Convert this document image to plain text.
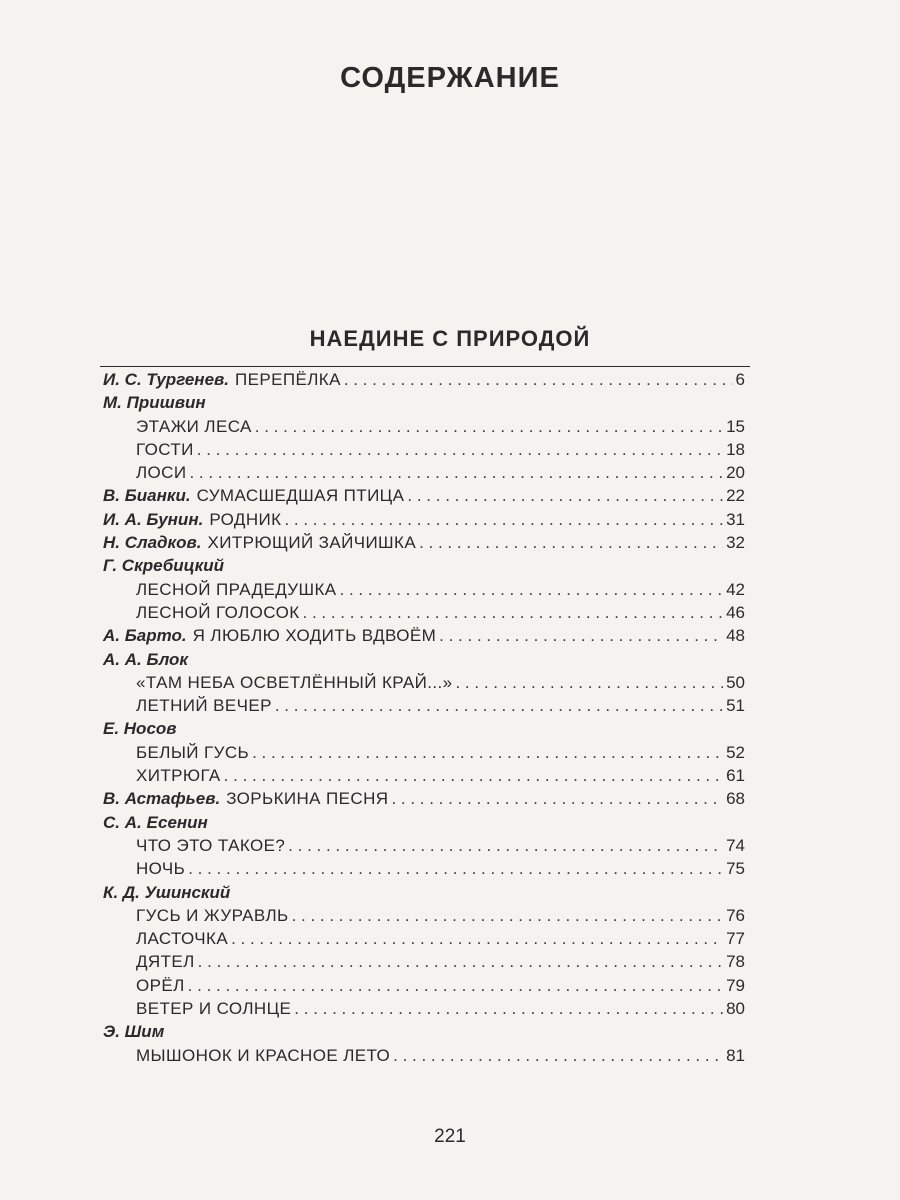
СОДЕРЖАНИЕ
НАЕДИНЕ С ПРИРОДОЙ
И. С. Тургенев. ПЕРЕПЁЛКА . . .	6
М. Пришвин
ЭТАЖИ ЛЕСА . . .	15
ГОСТИ . . .	18
ЛОСИ . . .	20
В. Бианки. СУМАСШЕДШАЯ ПТИЦА . . .	22
И. А. Бунин. РОДНИК . . .	31
Н. Сладков. ХИТРЮЩИЙ ЗАЙЧИШКА . . .	32
Г. Скребицкий
ЛЕСНОЙ ПРАДЕДУШКА . . .	42
ЛЕСНОЙ ГОЛОСОК . . .	46
А. Барто. Я ЛЮБЛЮ ХОДИТЬ ВДВОЁМ . . .	48
А. А. Блок
«ТАМ НЕБА ОСВЕТЛЁННЫЙ КРАЙ...» . . .	50
ЛЕТНИЙ ВЕЧЕР . . .	51
Е. Носов
БЕЛЫЙ ГУСЬ . . .	52
ХИТРЮГА . . .	61
В. Астафьев. ЗОРЬКИНА ПЕСНЯ . . .	68
С. А. Есенин
ЧТО ЭТО ТАКОЕ? . . .	74
НОЧЬ . . .	75
К. Д. Ушинский
ГУСЬ И ЖУРАВЛЬ . . .	76
ЛАСТОЧКА . . .	77
ДЯТЕЛ . . .	78
ОРЁЛ . . .	79
ВЕТЕР И СОЛНЦЕ . . .	80
Э. Шим
МЫШОНОК И КРАСНОЕ ЛЕТО . . .	81
221
